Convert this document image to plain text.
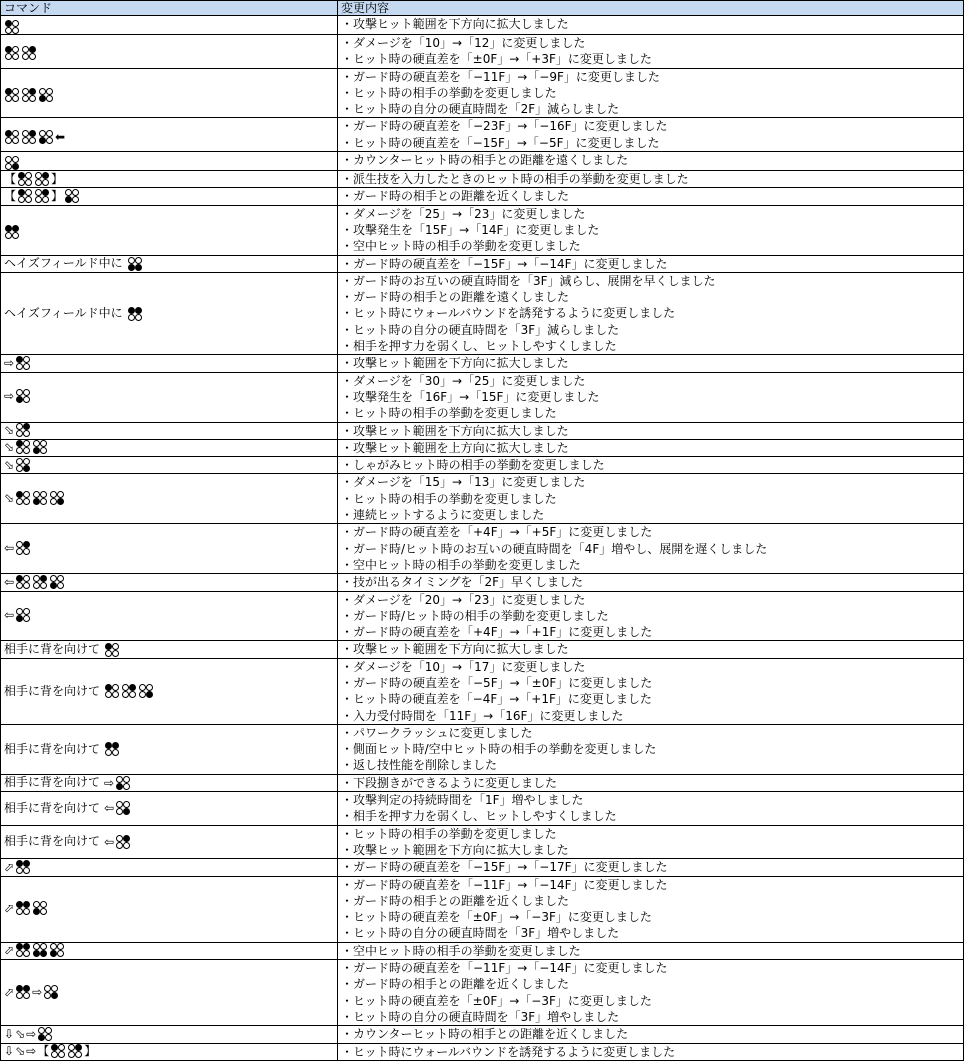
コマンド	変更内容

	・攻撃ヒット範囲を下方向に拡大しました

	・ダメージを「10」→「12」に変更しました
・ヒット時の硬直差を「±0F」→「+3F」に変更しました

	・ガード時の硬直差を「−11F」→「−9F」に変更しました
・ヒット時の相手の挙動を変更しました
・ヒット時の自分の硬直時間を「2F」減らしました

⬅	・ガード時の硬直差を「−23F」→「−16F」に変更しました
・ヒット時の硬直差を「−15F」→「−5F」に変更しました

	・カウンターヒット時の相手との距離を遠くしました

【 】	・派生技を入力したときのヒット時の相手の挙動を変更しました

【 】	・ガード時の相手との距離を近くしました

	・ダメージを「25」→「23」に変更しました
・攻撃発生を「15F」→「14F」に変更しました
・空中ヒット時の相手の挙動を変更しました

ヘイズフィールド中に	・ガード時の硬直差を「−15F」→「−14F」に変更しました

ヘイズフィールド中に	・ガード時のお互いの硬直時間を「3F」減らし、展開を早くしました
・ガード時の相手との距離を遠くしました
・ヒット時にウォールバウンドを誘発するように変更しました
・ヒット時の自分の硬直時間を「3F」減らしました
・相手を押す力を弱くし、ヒットしやすくしました

⇨	・攻撃ヒット範囲を下方向に拡大しました

⇨	・ダメージを「30」→「25」に変更しました
・攻撃発生を「16F」→「15F」に変更しました
・ヒット時の相手の挙動を変更しました

⬂	・攻撃ヒット範囲を下方向に拡大しました

⬂	・攻撃ヒット範囲を上方向に拡大しました

⬂	・しゃがみヒット時の相手の挙動を変更しました

⬂	・ダメージを「15」→「13」に変更しました
・ヒット時の相手の挙動を変更しました
・連続ヒットするように変更しました

⇦	・ガード時の硬直差を「+4F」→「+5F」に変更しました
・ガード時/ヒット時のお互いの硬直時間を「4F」増やし、展開を遅くしました
・空中ヒット時の相手の挙動を変更しました

⇦	・技が出るタイミングを「2F」早くしました

⇦	・ダメージを「20」→「23」に変更しました
・ガード時/ヒット時の相手の挙動を変更しました
・ガード時の硬直差を「+4F」→「+1F」に変更しました

相手に背を向けて	・攻撃ヒット範囲を下方向に拡大しました

相手に背を向けて	・ダメージを「10」→「17」に変更しました
・ガード時の硬直差を「−5F」→「±0F」に変更しました
・ヒット時の硬直差を「−4F」→「+1F」に変更しました
・入力受付時間を「11F」→「16F」に変更しました

相手に背を向けて	・パワークラッシュに変更しました
・側面ヒット時/空中ヒット時の相手の挙動を変更しました
・返し技性能を削除しました

相手に背を向けて ⇨	・下段捌きができるように変更しました

相手に背を向けて ⇦	・攻撃判定の持続時間を「1F」増やしました
・相手を押す力を弱くし、ヒットしやすくしました

相手に背を向けて ⇦	・ヒット時の相手の挙動を変更しました
・攻撃ヒット範囲を下方向に拡大しました

⬀	・ガード時の硬直差を「−15F」→「−17F」に変更しました

⬀	・ガード時の硬直差を「−11F」→「−14F」に変更しました
・ガード時の相手との距離を近くしました
・ヒット時の硬直差を「±0F」→「−3F」に変更しました
・ヒット時の自分の硬直時間を「3F」増やしました

⬀	・空中ヒット時の相手の挙動を変更しました

⬀ ⇨	・ガード時の硬直差を「−11F」→「−14F」に変更しました
・ガード時の相手との距離を近くしました
・ヒット時の硬直差を「±0F」→「−3F」に変更しました
・ヒット時の自分の硬直時間を「3F」増やしました

⇩ ⬂ ⇨	・カウンターヒット時の相手との距離を近くしました

⇩ ⬂ ⇨ 【 】	・ヒット時にウォールバウンドを誘発するように変更しました
